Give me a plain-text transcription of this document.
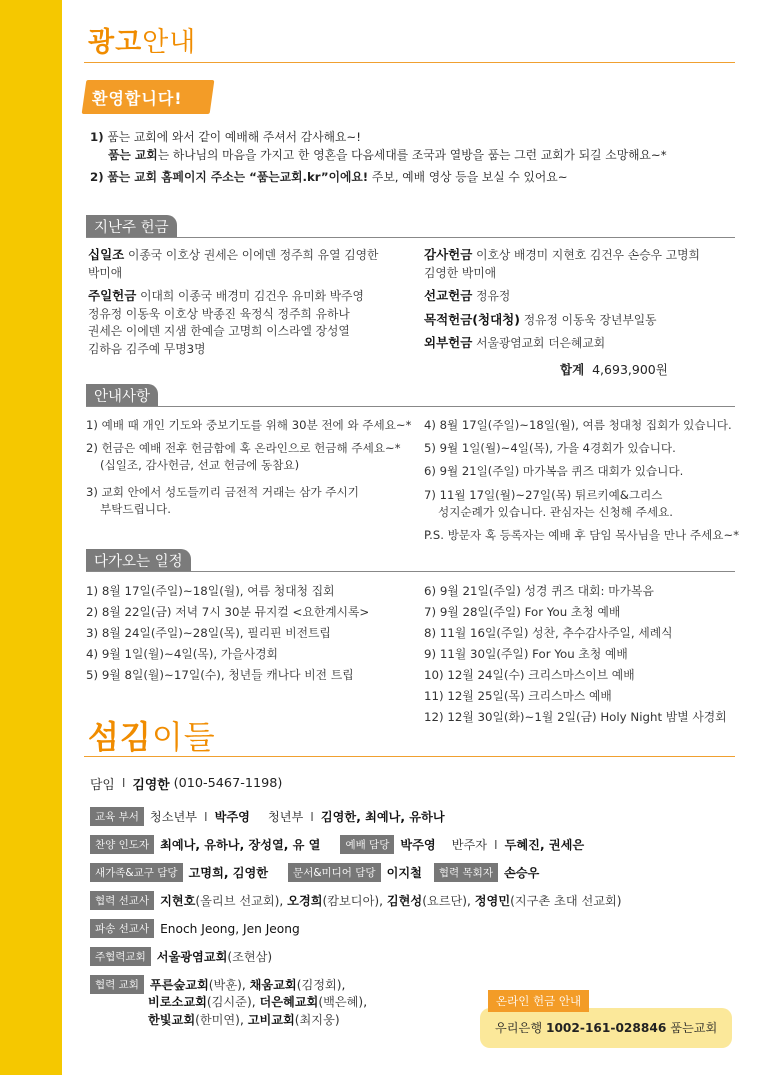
광고안내
환영합니다!
1) 품는 교회에 와서 같이 예배해 주셔서 감사해요~!
품는 교회는 하나님의 마음을 가지고 한 영혼을 다음세대를 조국과 열방을 품는 그런 교회가 되길 소망해요~*
2) 품는 교회 홈페이지 주소는 “품는교회.kr”이에요! 주보, 예배 영상 등을 보실 수 있어요~
지난주 헌금
십일조 이종국 이호상 권세은 이에덴 정주희 유열 김영한
박미애
주일헌금 이대희 이종국 배경미 김건우 유미화 박주영
정유정 이동욱 이호상 박종진 육정식 정주희 유하나
권세은 이에덴 지샘 한예슬 고명희 이스라엘 장성열
김하음 김주예 무명3명
감사헌금 이호상 배경미 지현호 김건우 손승우 고명희
김영한 박미애
선교헌금 정유정
목적헌금(청대청) 정유정 이동욱 장년부일동
외부헌금 서울광염교회 더은혜교회
합계 4,693,900원
안내사항
1) 예배 때 개인 기도와 중보기도를 위해 30분 전에 와 주세요~*
2) 헌금은 예배 전후 헌금함에 혹 온라인으로 헌금해 주세요~*
(십일조, 감사헌금, 선교 헌금에 동참요)
3) 교회 안에서 성도들끼리 금전적 거래는 삼가 주시기
부탁드립니다.
4) 8월 17일(주일)~18일(월), 여름 청대청 집회가 있습니다.
5) 9월 1일(월)~4일(목), 가을 4경회가 있습니다.
6) 9월 21일(주일) 마가복음 퀴즈 대회가 있습니다.
7) 11월 17일(월)~27일(목) 튀르키예&그리스
성지순례가 있습니다. 관심자는 신청해 주세요.
P.S. 방문자 혹 등록자는 예배 후 담임 목사님을 만나 주세요~*
다가오는 일정
1) 8월 17일(주일)~18일(월), 여름 청대청 집회
2) 8월 22일(금) 저녁 7시 30분 뮤지컬 <요한계시록>
3) 8월 24일(주일)~28일(목), 필리핀 비전트립
4) 9월 1일(월)~4일(목), 가을사경회
5) 9월 8일(월)~17일(수), 청년들 캐나다 비전 트립
6) 9월 21일(주일) 성경 퀴즈 대회: 마가복음
7) 9월 28일(주일) For You 초청 예배
8) 11월 16일(주일) 성찬, 추수감사주일, 세례식
9) 11월 30일(주일) For You 초청 예배
10) 12월 24일(수) 크리스마스이브 예배
11) 12월 25일(목) 크리스마스 예배
12) 12월 30일(화)~1월 2일(금) Holy Night 밤별 사경회
섬김이들
담임 I 김영한 (010-5467-1198)
교육 부서 청소년부 I 박주영 청년부 I 김영한, 최예나, 유하나
찬양 인도자 최예나, 유하나, 장성열, 유 열	예배 담당 박주영 반주자 I 두혜진, 권세은
새가족&교구 담당 고명희, 김영한	문서&미디어 담당 이지철	협력 목회자 손승우
협력 선교사 지현호 (올리브 선교회) , 오경희 (캄보디아) , 김현성 (요르단) , 정영민 (지구촌 초대 선교회)
파송 선교사 Enoch Jeong, Jen Jeong
주협력교회 서울광염교회 (조현삼)
협력 교회 푸른숲교회 (박훈) , 채움교회 (김정회) ,
비로소교회 (김시준) , 더은혜교회 (백은혜) ,
한빛교회 (한미연) , 고비교회 (최지웅)
우리은행 1002-161-028846 품는교회
온라인 헌금 안내
